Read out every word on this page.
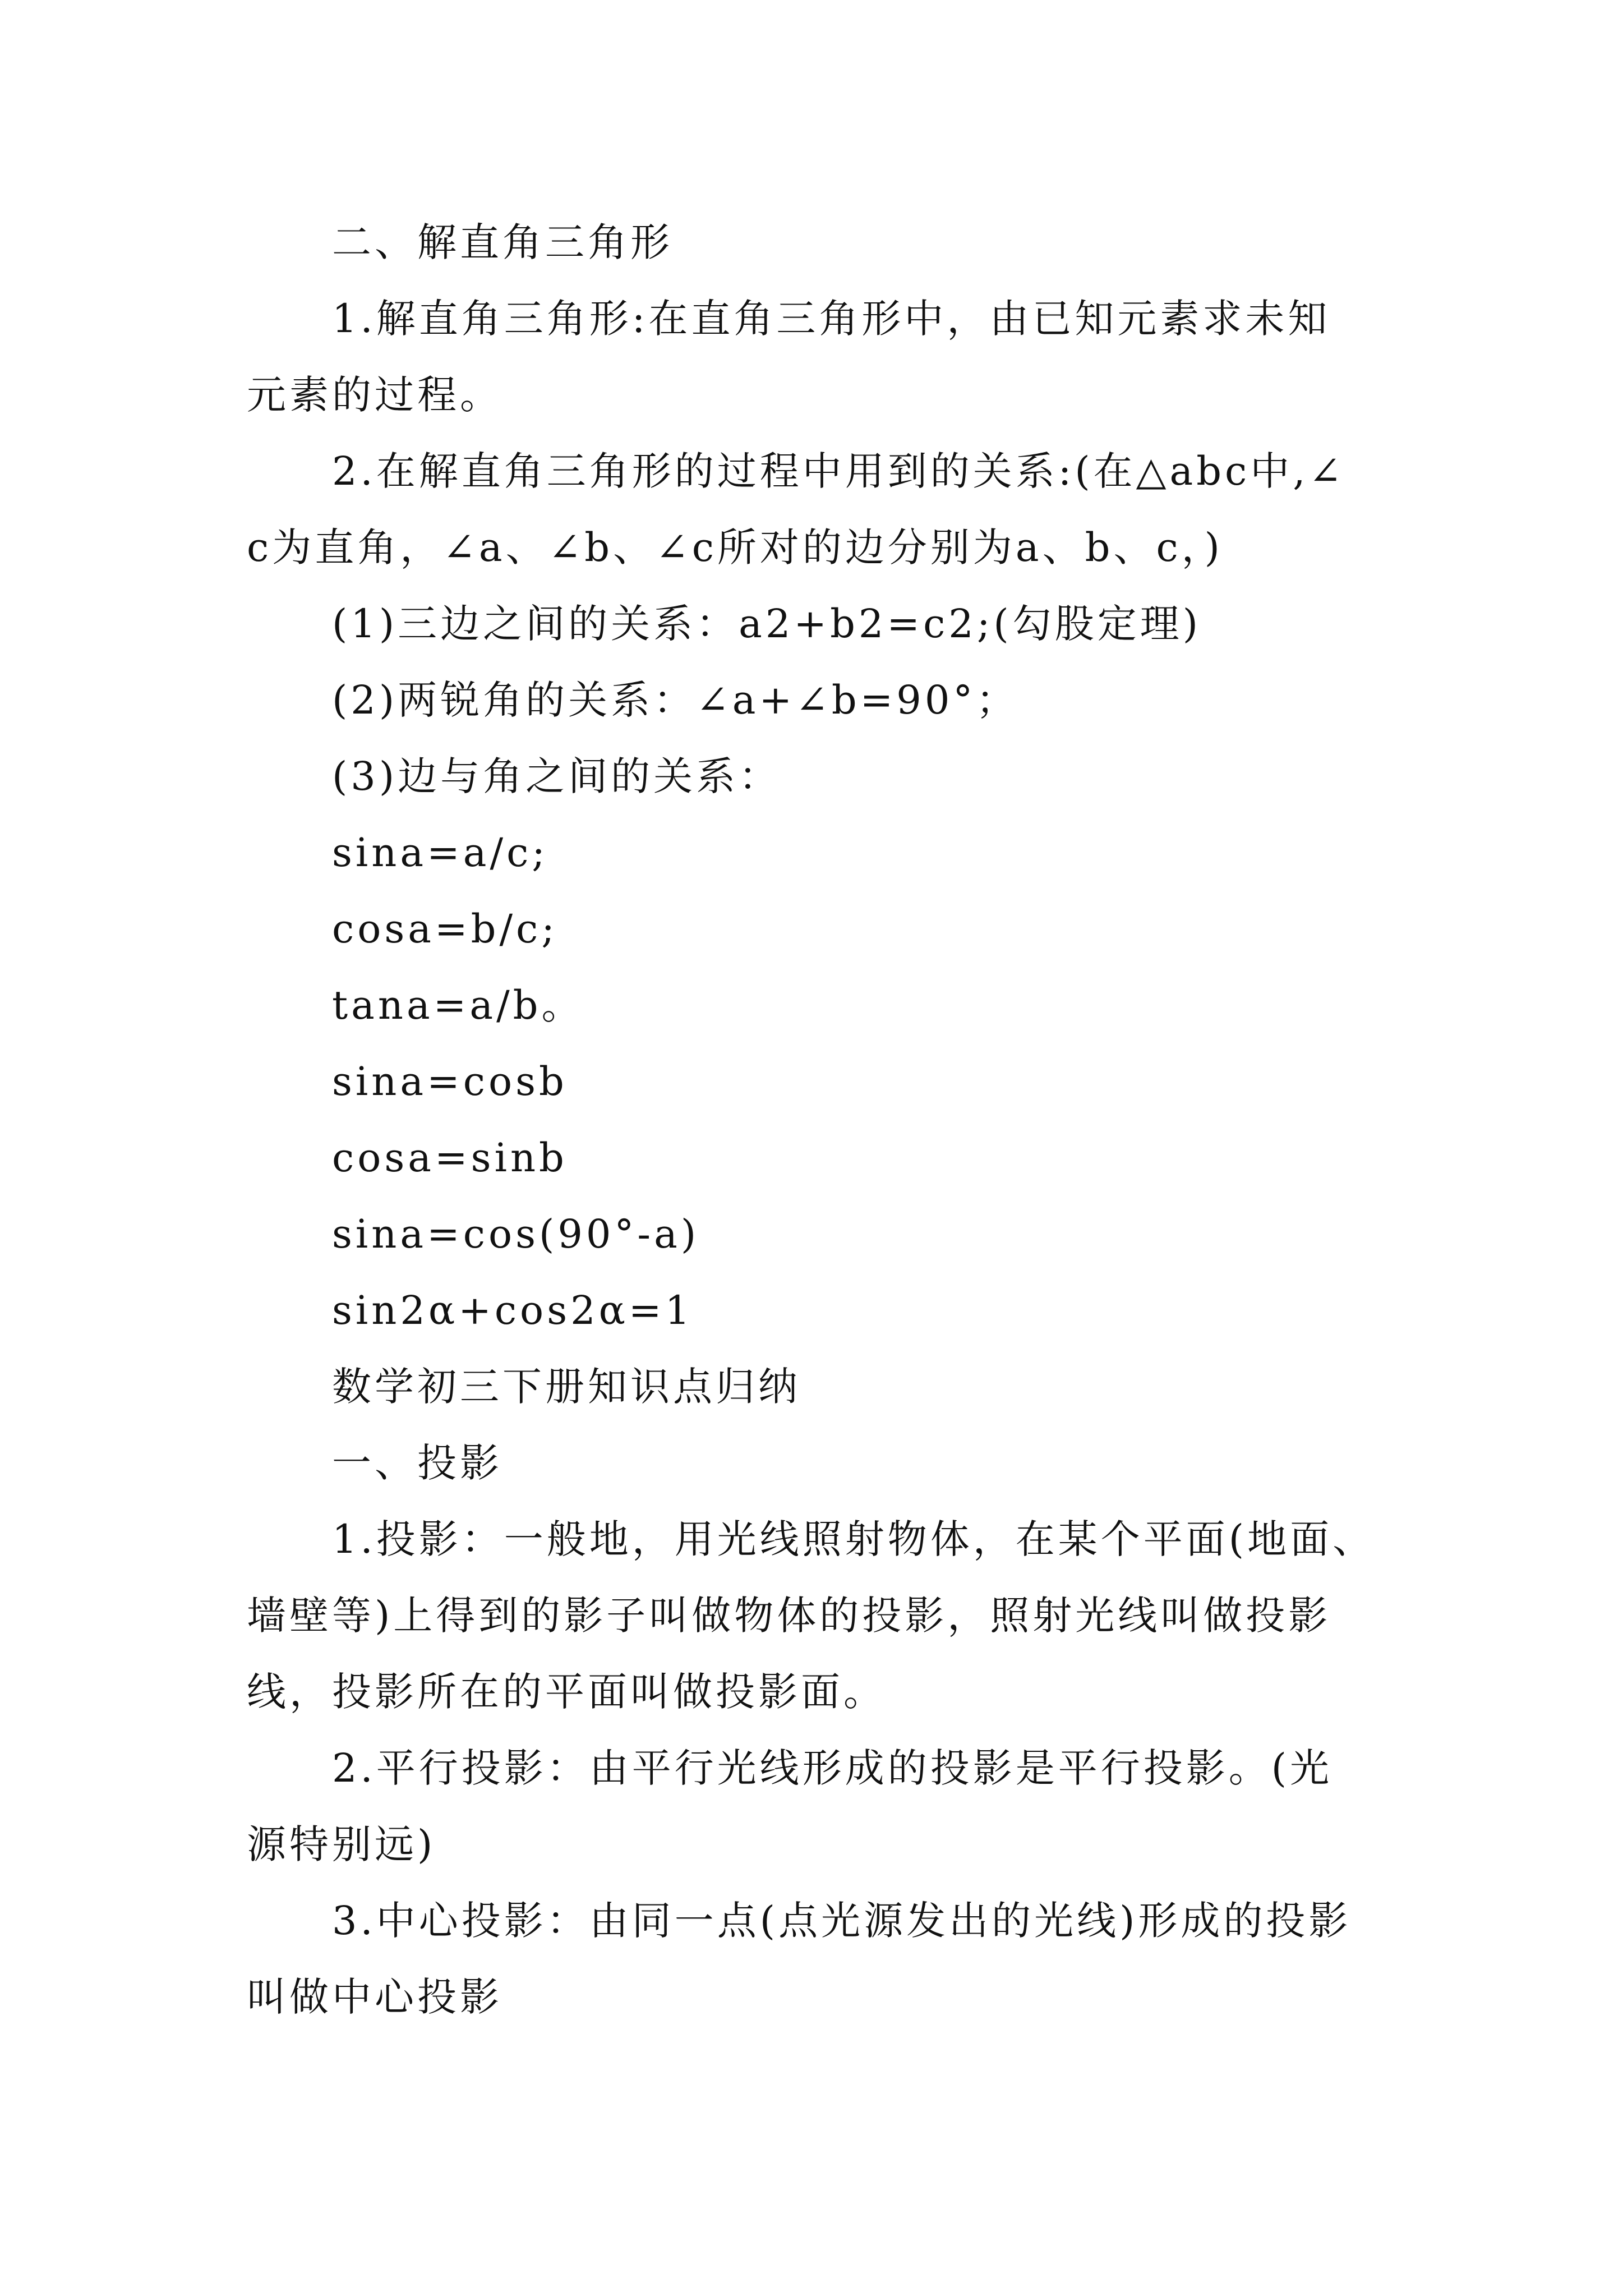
二、解直角三角形
1.解直角三角形:在直角三角形中，由已知元素求未知
元素的过程。
2.在解直角三角形的过程中用到的关系:(在△abc中,∠
c为直角，∠a、∠b、∠c所对的边分别为a、b、c，)
(1)三边之间的关系：a2+b2=c2;(勾股定理)
(2)两锐角的关系：∠a+∠b=90°；
(3)边与角之间的关系：
sina=a/c;
cosa=b/c;
tana=a/b。
sina=cosb
cosa=sinb
sina=cos(90°-a)
sin2α+cos2α=1
数学初三下册知识点归纳
一、投影
1.投影：一般地，用光线照射物体，在某个平面(地面、
墙壁等)上得到的影子叫做物体的投影，照射光线叫做投影
线，投影所在的平面叫做投影面。
2.平行投影：由平行光线形成的投影是平行投影。(光
源特别远)
3.中心投影：由同一点(点光源发出的光线)形成的投影
叫做中心投影
